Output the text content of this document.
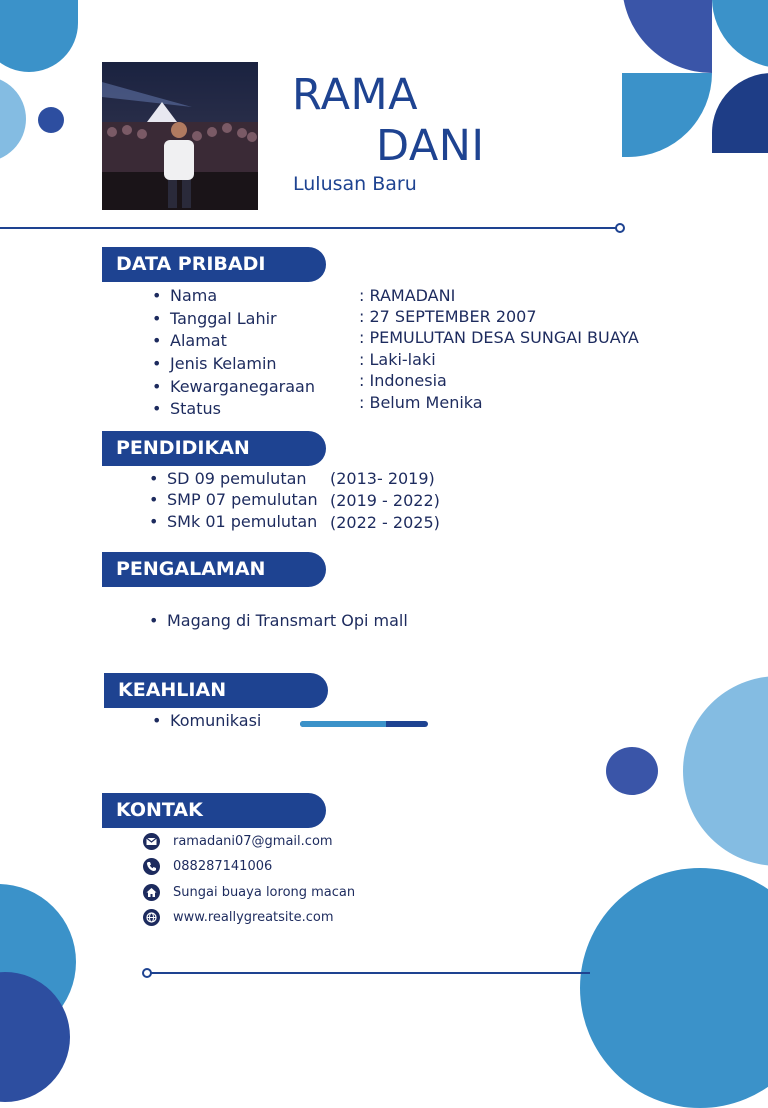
RAMA
DANI
Lulusan Baru
DATA PRIBADI
• Nama	: RAMADANI
• Tanggal Lahir	: 27 SEPTEMBER 2007
• Alamat	: PEMULUTAN DESA SUNGAI BUAYA
• Jenis Kelamin	: Laki-laki
• Kewarganegaraan	: Indonesia
• Status	: Belum Menika
PENDIDIKAN
• SD 09 pemulutan (2013- 2019)
• SMP 07 pemulutan (2019 - 2022)
• SMk 01 pemulutan (2022 - 2025)
PENGALAMAN
• Magang di Transmart Opi mall
KEAHLIAN
• Komunikasi
KONTAK
ramadani07@gmail.com
088287141006
Sungai buaya lorong macan
www.reallygreatsite.com
